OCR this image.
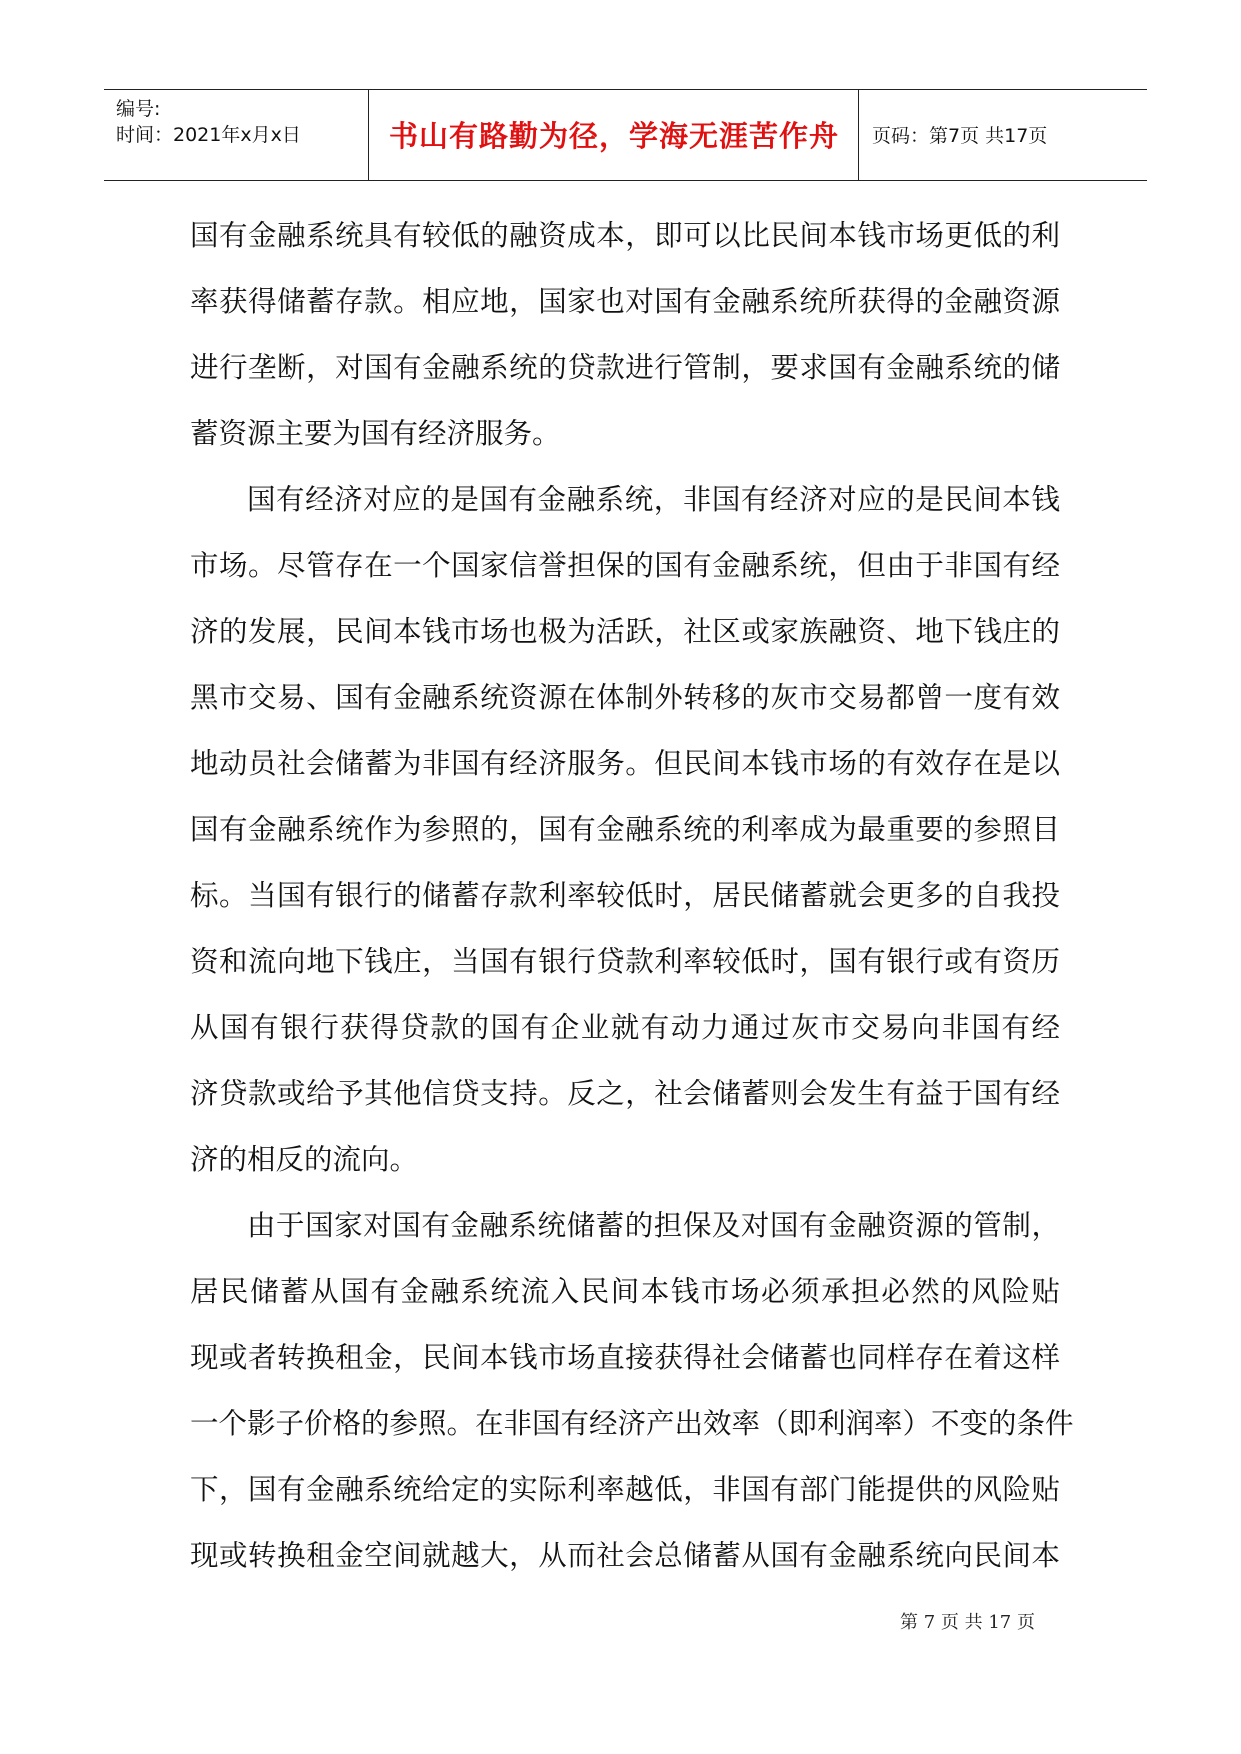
编号:
时间：2021年x月x日	书山有路勤为径，学海无涯苦作舟	页码：第7页 共17页
国有金融系统具有较低的融资成本，即可以比民间本钱市场更低的利
率获得储蓄存款。相应地，国家也对国有金融系统所获得的金融资源
进行垄断，对国有金融系统的贷款进行管制，要求国有金融系统的储
蓄资源主要为国有经济服务。
国有经济对应的是国有金融系统，非国有经济对应的是民间本钱
市场。尽管存在一个国家信誉担保的国有金融系统，但由于非国有经
济的发展，民间本钱市场也极为活跃，社区或家族融资、地下钱庄的
黑市交易、国有金融系统资源在体制外转移的灰市交易都曾一度有效
地动员社会储蓄为非国有经济服务。但民间本钱市场的有效存在是以
国有金融系统作为参照的，国有金融系统的利率成为最重要的参照目
标。当国有银行的储蓄存款利率较低时，居民储蓄就会更多的自我投
资和流向地下钱庄，当国有银行贷款利率较低时，国有银行或有资历
从国有银行获得贷款的国有企业就有动力通过灰市交易向非国有经
济贷款或给予其他信贷支持。反之，社会储蓄则会发生有益于国有经
济的相反的流向。
由于国家对国有金融系统储蓄的担保及对国有金融资源的管制，
居民储蓄从国有金融系统流入民间本钱市场必须承担必然的风险贴
现或者转换租金，民间本钱市场直接获得社会储蓄也同样存在着这样
一个影子价格的参照。在非国有经济产出效率（即利润率）不变的条件
下，国有金融系统给定的实际利率越低，非国有部门能提供的风险贴
现或转换租金空间就越大，从而社会总储蓄从国有金融系统向民间本
第 7 页 共 17 页
